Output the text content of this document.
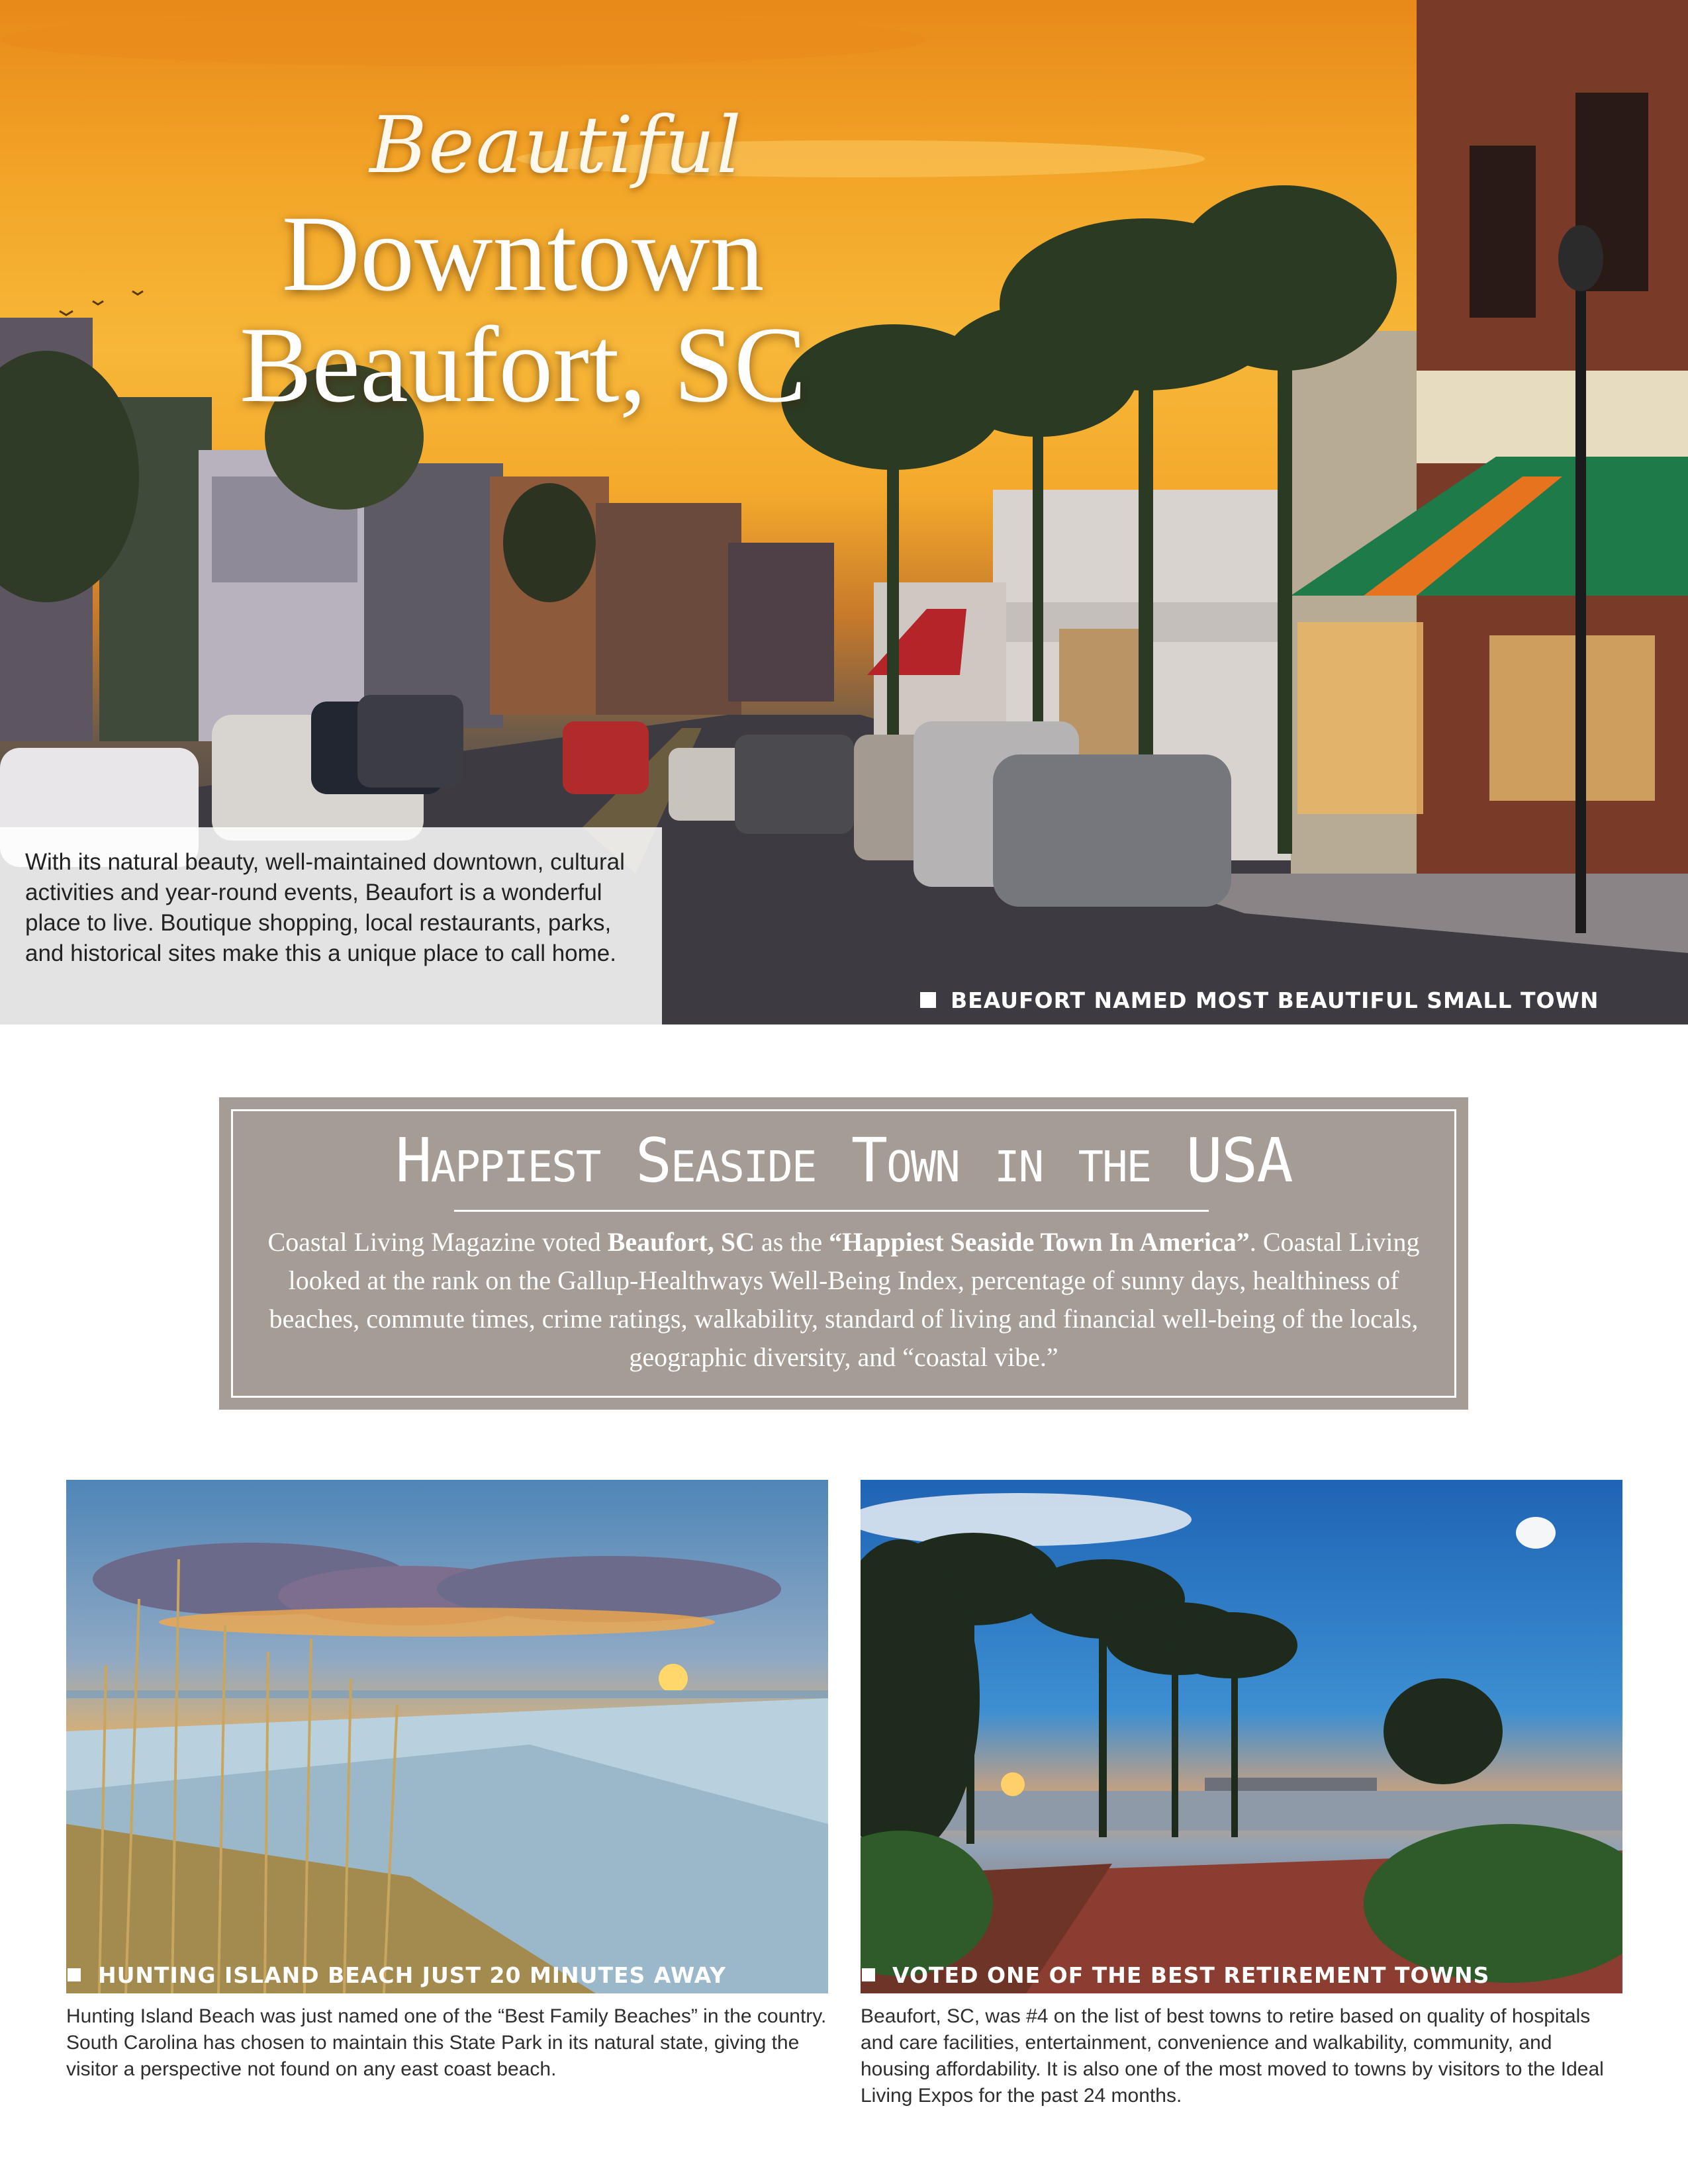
Beautiful
Downtown
Beaufort, SC

With its natural beauty, well-maintained downtown, cultural activities and year-round events, Beaufort is a wonderful place to live. Boutique shopping, local restaurants, parks, and historical sites make this a unique place to call home.

BEAUFORT NAMED MOST BEAUTIFUL SMALL TOWN
Happiest Seaside Town in the USA

Coastal Living Magazine voted Beaufort, SC as the “Happiest Seaside Town In America”. Coastal Living looked at the rank on the Gallup-Healthways Well-Being Index, percentage of sunny days, healthiness of beaches, commute times, crime ratings, walkability, standard of living and financial well-being of the locals, geographic diversity, and “coastal vibe.”

HUNTING ISLAND BEACH JUST 20 MINUTES AWAY

Hunting Island Beach was just named one of the “Best Family Beaches” in the country. South Carolina has chosen to maintain this State Park in its natural state, giving the visitor a perspective not found on any east coast beach.

VOTED ONE OF THE BEST RETIREMENT TOWNS

Beaufort, SC, was #4 on the list of best towns to retire based on quality of hospitals and care facilities, entertainment, convenience and walkability, community, and housing affordability. It is also one of the most moved to towns by visitors to the Ideal Living Expos for the past 24 months.
